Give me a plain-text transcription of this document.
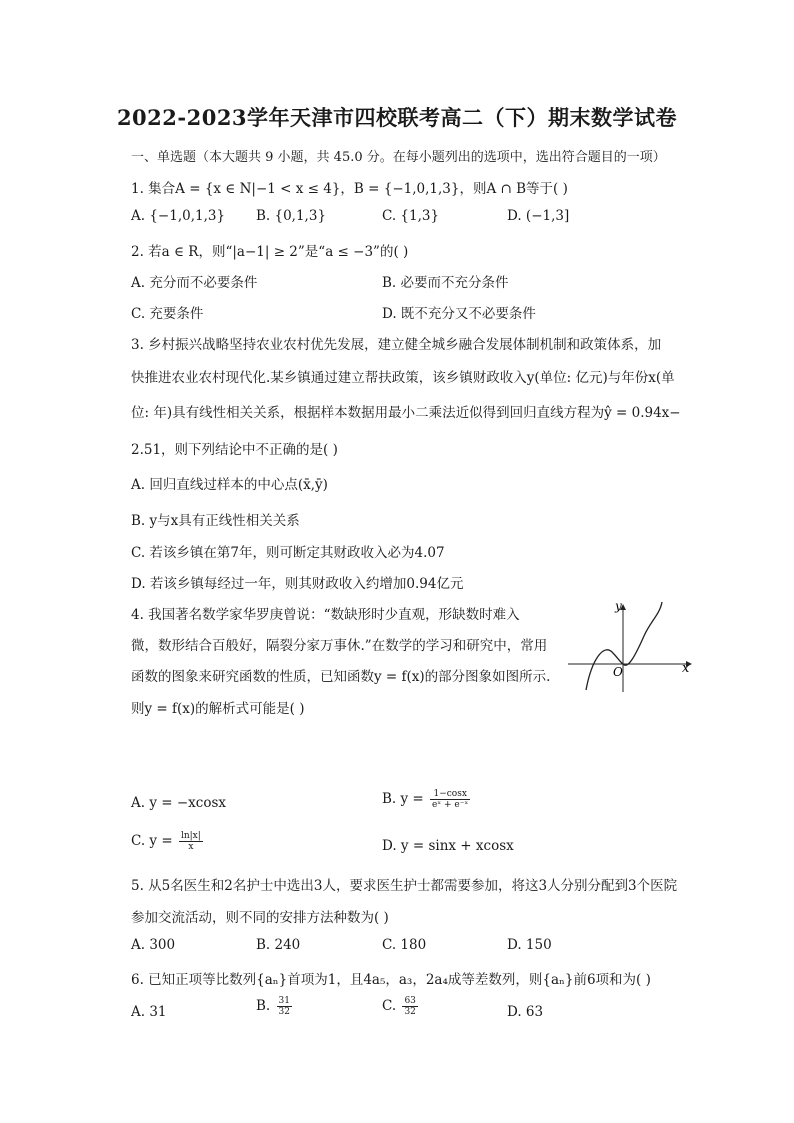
2022-2023学年天津市四校联考高二（下）期末数学试卷
一、单选题（本大题共 9 小题，共 45.0 分。在每小题列出的选项中，选出符合题目的一项）
1. 集合A = {x ∈ N|−1 < x ≤ 4}，B = {−1,0,1,3}，则A ∩ B等于( )
A. {−1,0,1,3} B. {0,1,3}	C. {1,3}	D. (−1,3]
2. 若a ∈ R，则“|a−1| ≥ 2”是“a ≤ −3”的( )
A. 充分而不必要条件	B. 必要而不充分条件
C. 充要条件	D. 既不充分又不必要条件
3. 乡村振兴战略坚持农业农村优先发展，建立健全城乡融合发展体制机制和政策体系，加
快推进农业农村现代化.某乡镇通过建立帮扶政策，该乡镇财政收入y(单位: 亿元)与年份x(单
位: 年)具有线性相关关系，根据样本数据用最小二乘法近似得到回归直线方程为ŷ = 0.94x−
2.51，则下列结论中不正确的是( )
A. 回归直线过样本的中心点(x̄,ȳ)
B. y与x具有正线性相关关系
C. 若该乡镇在第7年，则可断定其财政收入必为4.07
D. 若该乡镇每经过一年，则其财政收入约增加0.94亿元
4. 我国著名数学家华罗庚曾说：“数缺形时少直观，形缺数时难入
微，数形结合百般好，隔裂分家万事休.”在数学的学习和研究中，常用
函数的图象来研究函数的性质，已知函数y = f(x)的部分图象如图所示.
则y = f(x)的解析式可能是( )
y
x
O
A. y = −xcosx	B. $y = \frac{1-\cos x}{\text{eˣ + e⁻ˣ}}$
C. $y = \frac{\ln|x|}{x}$	D. y = sinx + xcosx
5. 从5名医生和2名护士中选出3人，要求医生护士都需要参加，将这3人分别分配到3个医院
参加交流活动，则不同的安排方法种数为( )
A. 300	B. 240	C. 180	D. 150
6. 已知正项等比数列{aₙ}首项为1，且4a₅，a₃，2a₄成等差数列，则{aₙ}前6项和为( )
A. 31	B. $\frac{31}{32}$	C. $\frac{63}{32}$	D. 63
